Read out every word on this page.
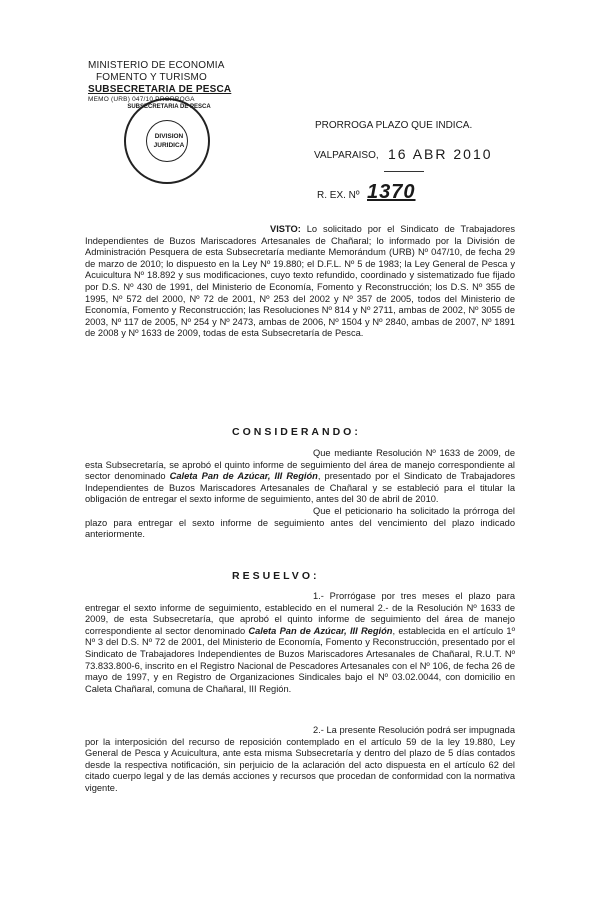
MINISTERIO DE ECONOMIA
FOMENTO Y TURISMO
SUBSECRETARIA DE PESCA
MEMO (URB) 047/10 PRORROGA
SUBSECRETARIA DE PESCA
DIVISION
JURIDICA
PRORROGA PLAZO QUE INDICA.
VALPARAISO, 16 ABR 2010
R. EX. Nº 1370
VISTO: Lo solicitado por el Sindicato de Trabajadores Independientes de Buzos Mariscadores Artesanales de Chañaral; lo informado por la División de Administración Pesquera de esta Subsecretaría mediante Memorándum (URB) Nº 047/10, de fecha 29 de marzo de 2010; lo dispuesto en la Ley Nº 19.880; el D.F.L. Nº 5 de 1983; la Ley General de Pesca y Acuicultura Nº 18.892 y sus modificaciones, cuyo texto refundido, coordinado y sistematizado fue fijado por D.S. Nº 430 de 1991, del Ministerio de Economía, Fomento y Reconstrucción; los D.S. Nº 355 de 1995, Nº 572 del 2000, Nº 72 de 2001, Nº 253 del 2002 y Nº 357 de 2005, todos del Ministerio de Economía, Fomento y Reconstrucción; las Resoluciones Nº 814 y Nº 2711, ambas de 2002, Nº 3055 de 2003, Nº 117 de 2005, Nº 254 y Nº 2473, ambas de 2006, Nº 1504 y Nº 2840, ambas de 2007, Nº 1891 de 2008 y Nº 1633 de 2009, todas de esta Subsecretaría de Pesca.
CONSIDERANDO:
Que mediante Resolución Nº 1633 de 2009, de esta Subsecretaría, se aprobó el quinto informe de seguimiento del área de manejo correspondiente al sector denominado Caleta Pan de Azúcar, III Región, presentado por el Sindicato de Trabajadores Independientes de Buzos Mariscadores Artesanales de Chañaral y se estableció para el titular la obligación de entregar el sexto informe de seguimiento, antes del 30 de abril de 2010.
Que el peticionario ha solicitado la prórroga del plazo para entregar el sexto informe de seguimiento antes del vencimiento del plazo indicado anteriormente.
RESUELVO:
1.- Prorrógase por tres meses el plazo para entregar el sexto informe de seguimiento, establecido en el numeral 2.- de la Resolución Nº 1633 de 2009, de esta Subsecretaría, que aprobó el quinto informe de seguimiento del área de manejo correspondiente al sector denominado Caleta Pan de Azúcar, III Región, establecida en el artículo 1º Nº 3 del D.S. Nº 72 de 2001, del Ministerio de Economía, Fomento y Reconstrucción, presentado por el Sindicato de Trabajadores Independientes de Buzos Mariscadores Artesanales de Chañaral, R.U.T. Nº 73.833.800-6, inscrito en el Registro Nacional de Pescadores Artesanales con el Nº 106, de fecha 26 de mayo de 1997, y en Registro de Organizaciones Sindicales bajo el Nº 03.02.0044, con domicilio en Caleta Chañaral, comuna de Chañaral, III Región.
2.- La presente Resolución podrá ser impugnada por la interposición del recurso de reposición contemplado en el artículo 59 de la ley 19.880, Ley General de Pesca y Acuicultura, ante esta misma Subsecretaría y dentro del plazo de 5 días contados desde la respectiva notificación, sin perjuicio de la aclaración del acto dispuesta en el artículo 62 del citado cuerpo legal y de las demás acciones y recursos que procedan de conformidad con la normativa vigente.
